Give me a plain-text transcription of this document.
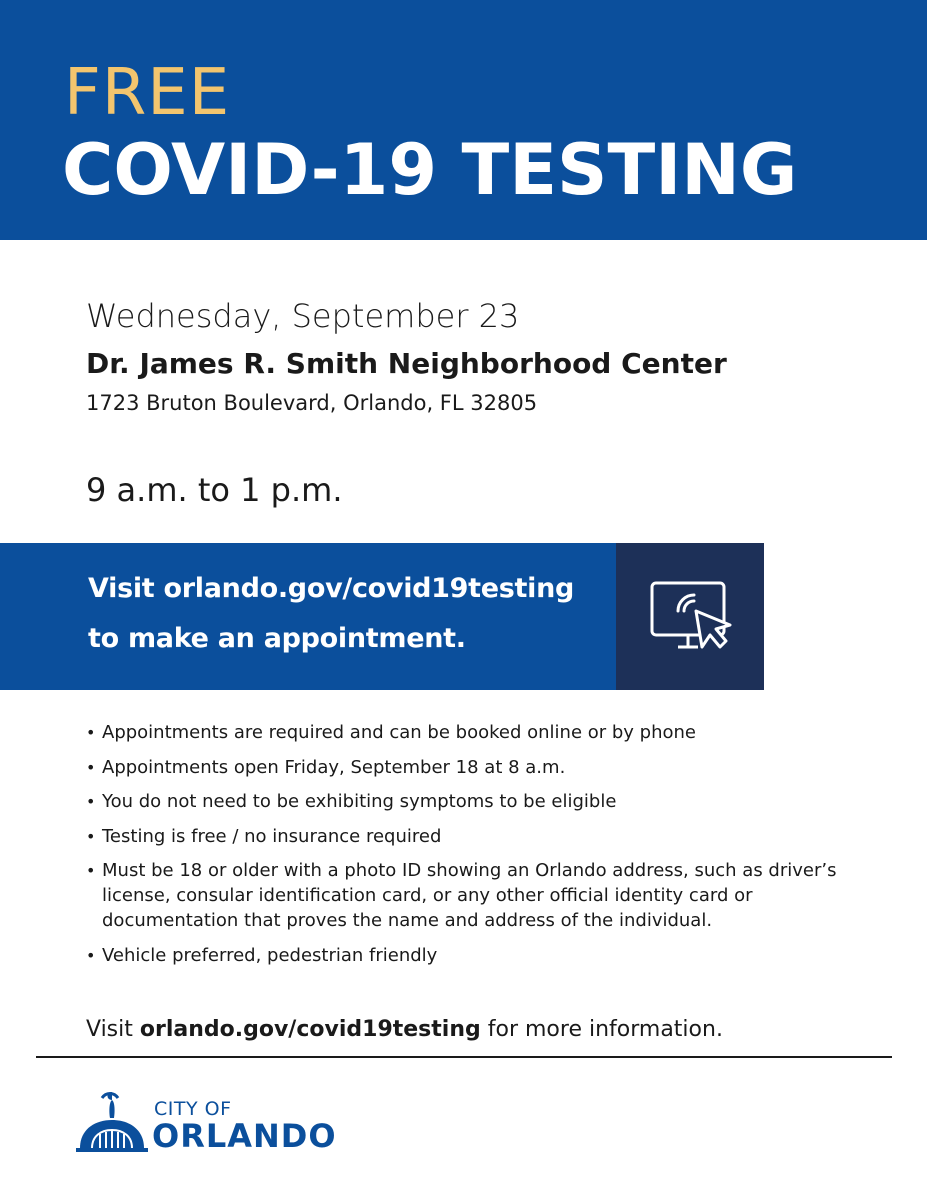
FREE
COVID-19 TESTING
Wednesday, September 23
Dr. James R. Smith Neighborhood Center
1723 Bruton Boulevard, Orlando, FL 32805
9 a.m. to 1 p.m.
Visit orlando.gov/covid19testing
to make an appointment.
• Appointments are required and can be booked online or by phone
• Appointments open Friday, September 18 at 8 a.m.
• You do not need to be exhibiting symptoms to be eligible
• Testing is free / no insurance required
• Must be 18 or older with a photo ID showing an Orlando address, such as driver’s license, consular identification card, or any other official identity card or documentation that proves the name and address of the individual.
• Vehicle preferred, pedestrian friendly
Visit orlando.gov/covid19testing for more information.
CITY OF
ORLANDO
